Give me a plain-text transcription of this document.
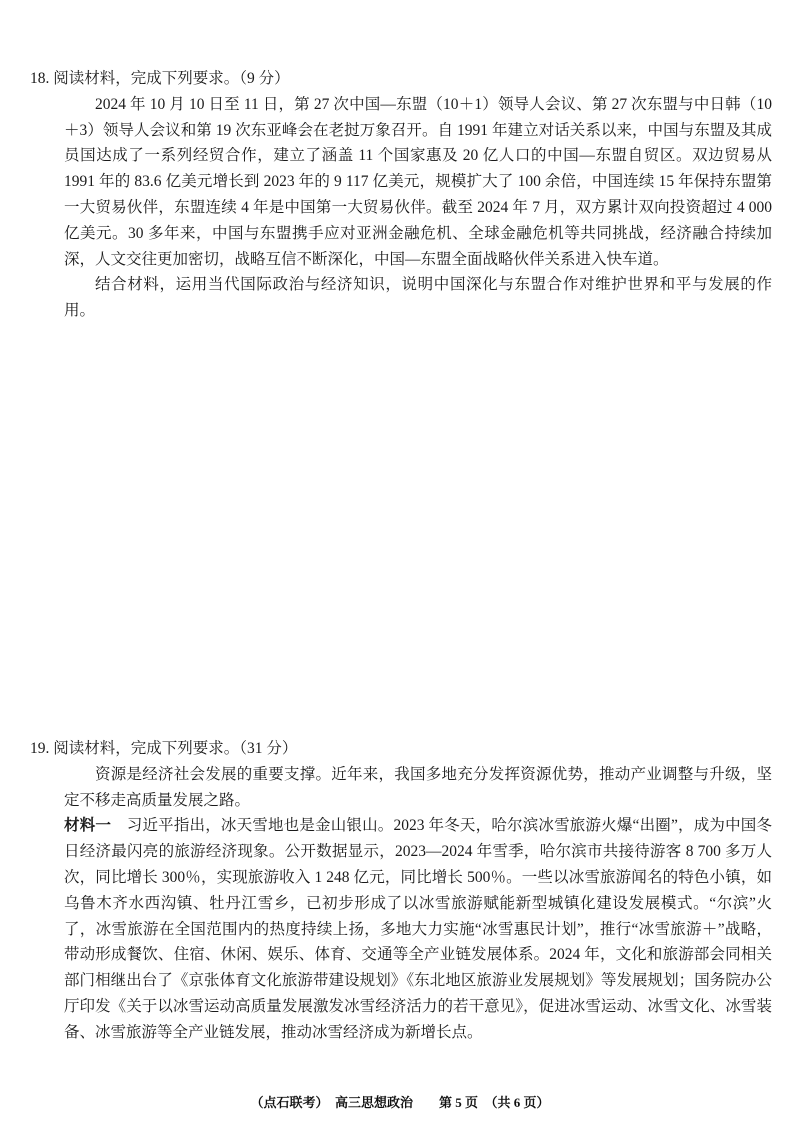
18. 阅读材料，完成下列要求。（9 分）

2024 年 10 月 10 日至 11 日，第 27 次中国—东盟（10＋1）领导人会议、第 27 次东盟与中日韩（10＋3）领导人会议和第 19 次东亚峰会在老挝万象召开。自 1991 年建立对话关系以来，中国与东盟及其成员国达成了一系列经贸合作，建立了涵盖 11 个国家惠及 20 亿人口的中国—东盟自贸区。双边贸易从 1991 年的 83.6 亿美元增长到 2023 年的 9 117 亿美元，规模扩大了 100 余倍，中国连续 15 年保持东盟第一大贸易伙伴，东盟连续 4 年是中国第一大贸易伙伴。截至 2024 年 7 月，双方累计双向投资超过 4 000 亿美元。30 多年来，中国与东盟携手应对亚洲金融危机、全球金融危机等共同挑战，经济融合持续加深，人文交往更加密切，战略互信不断深化，中国—东盟全面战略伙伴关系进入快车道。

结合材料，运用当代国际政治与经济知识，说明中国深化与东盟合作对维护世界和平与发展的作用。

19. 阅读材料，完成下列要求。（31 分）

资源是经济社会发展的重要支撑。近年来，我国多地充分发挥资源优势，推动产业调整与升级，坚定不移走高质量发展之路。

材料一　习近平指出，冰天雪地也是金山银山。2023 年冬天，哈尔滨冰雪旅游火爆“出圈”，成为中国冬日经济最闪亮的旅游经济现象。公开数据显示，2023—2024 年雪季，哈尔滨市共接待游客 8 700 多万人次，同比增长 300％，实现旅游收入 1 248 亿元，同比增长 500％。一些以冰雪旅游闻名的特色小镇，如乌鲁木齐水西沟镇、牡丹江雪乡，已初步形成了以冰雪旅游赋能新型城镇化建设发展模式。“尔滨”火了，冰雪旅游在全国范围内的热度持续上扬，多地大力实施“冰雪惠民计划”，推行“冰雪旅游＋”战略，带动形成餐饮、住宿、休闲、娱乐、体育、交通等全产业链发展体系。2024 年，文化和旅游部会同相关部门相继出台了《京张体育文化旅游带建设规划》《东北地区旅游业发展规划》等发展规划；国务院办公厅印发《关于以冰雪运动高质量发展激发冰雪经济活力的若干意见》，促进冰雪运动、冰雪文化、冰雪装备、冰雪旅游等全产业链发展，推动冰雪经济成为新增长点。

（点石联考）　高三思想政治　　第 5 页　（共 6 页）
